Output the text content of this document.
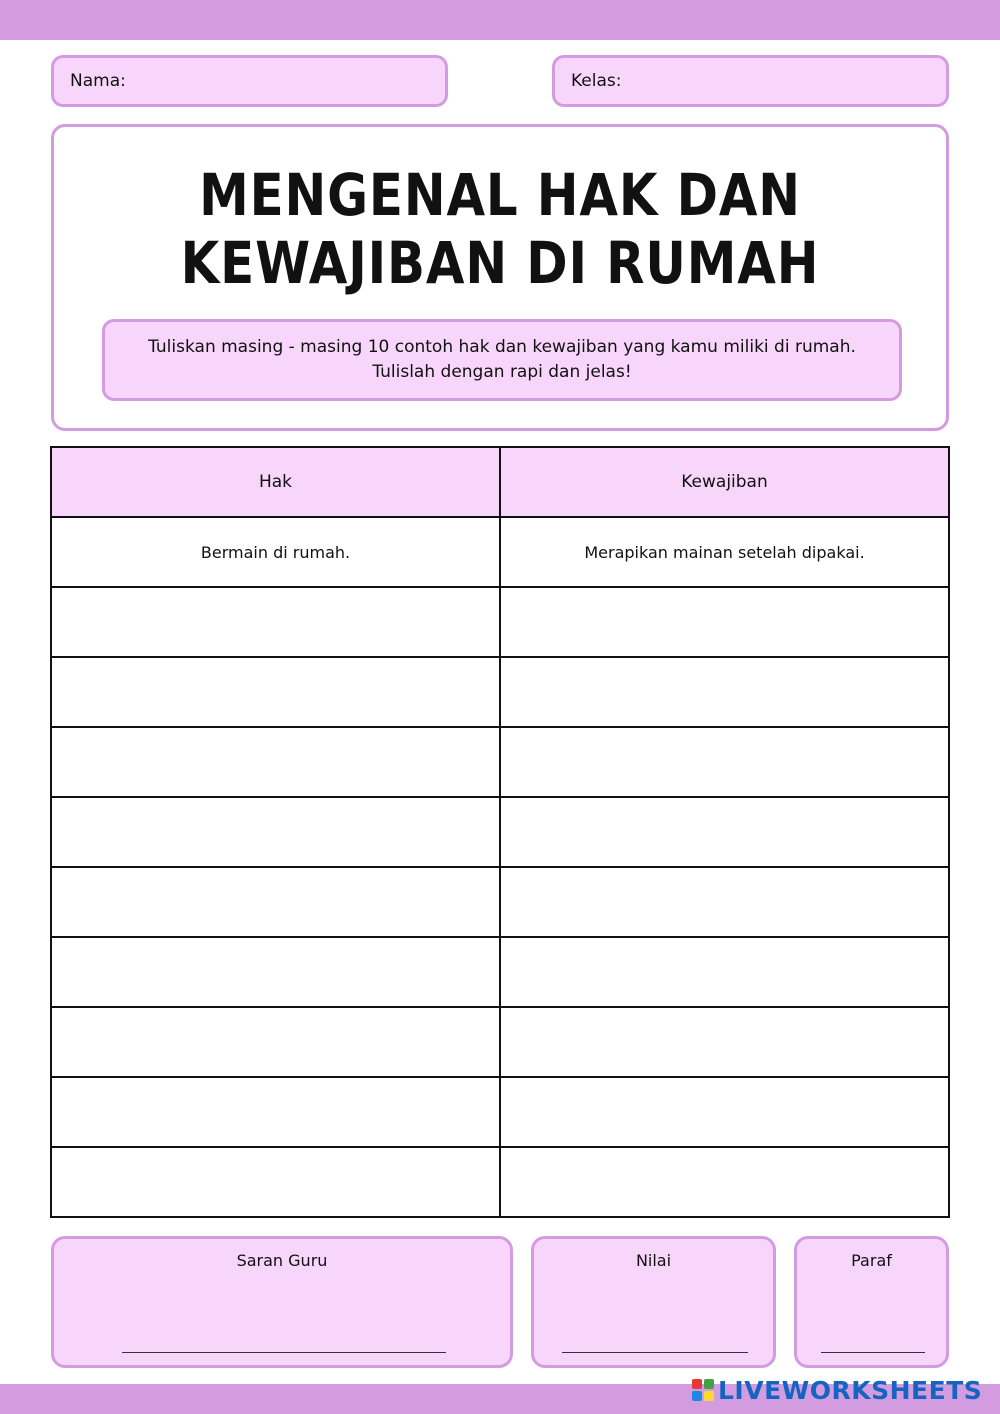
Nama:	Kelas:
MENGENAL HAK DAN
KEWAJIBAN DI RUMAH
Tuliskan masing - masing 10 contoh hak dan kewajiban yang kamu miliki di rumah.
Tulislah dengan rapi dan jelas!
Hak	Kewajiban
Bermain di rumah.	Merapikan mainan setelah dipakai.

Saran Guru	Nilai	Paraf
LIVEWORKSHEETS
